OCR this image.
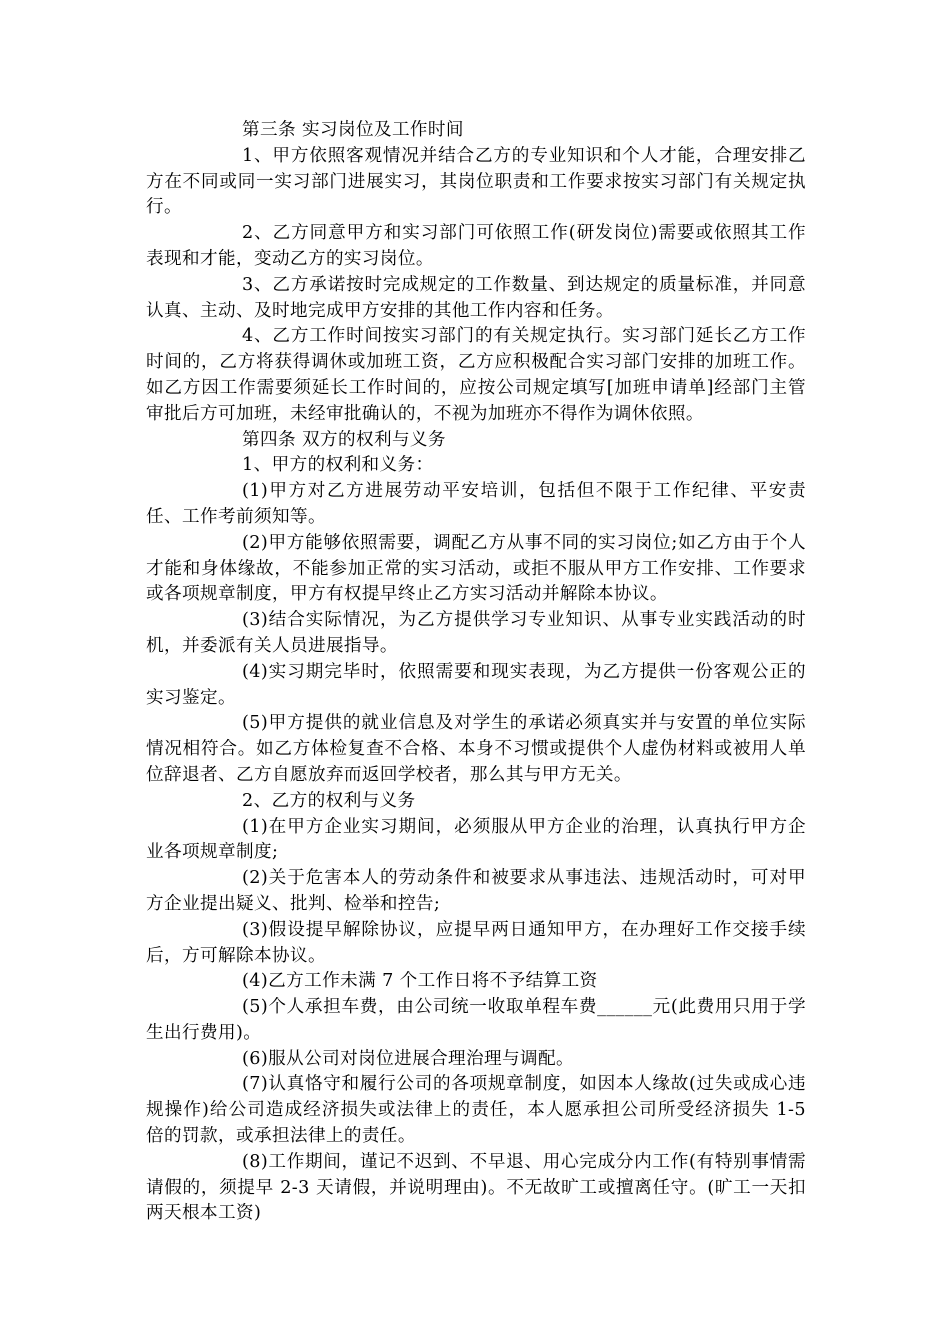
第三条 实习岗位及工作时间

1、甲方依照客观情况并结合乙方的专业知识和个人才能，合理安排乙方在不同或同一实习部门进展实习，其岗位职责和工作要求按实习部门有关规定执行。

2、乙方同意甲方和实习部门可依照工作(研发岗位)需要或依照其工作表现和才能，变动乙方的实习岗位。

3、乙方承诺按时完成规定的工作数量、到达规定的质量标准，并同意认真、主动、及时地完成甲方安排的其他工作内容和任务。

4、乙方工作时间按实习部门的有关规定执行。实习部门延长乙方工作时间的，乙方将获得调休或加班工资，乙方应积极配合实习部门安排的加班工作。如乙方因工作需要须延长工作时间的，应按公司规定填写[加班申请单]经部门主管审批后方可加班，未经审批确认的，不视为加班亦不得作为调休依照。

第四条 双方的权利与义务

1、甲方的权利和义务：

(1)甲方对乙方进展劳动平安培训，包括但不限于工作纪律、平安责任、工作考前须知等。

(2)甲方能够依照需要，调配乙方从事不同的实习岗位;如乙方由于个人才能和身体缘故，不能参加正常的实习活动，或拒不服从甲方工作安排、工作要求或各项规章制度，甲方有权提早终止乙方实习活动并解除本协议。

(3)结合实际情况，为乙方提供学习专业知识、从事专业实践活动的时机，并委派有关人员进展指导。

(4)实习期完毕时，依照需要和现实表现，为乙方提供一份客观公正的实习鉴定。

(5)甲方提供的就业信息及对学生的承诺必须真实并与安置的单位实际情况相符合。如乙方体检复查不合格、本身不习惯或提供个人虚伪材料或被用人单位辞退者、乙方自愿放弃而返回学校者，那么其与甲方无关。

2、乙方的权利与义务

(1)在甲方企业实习期间，必须服从甲方企业的治理，认真执行甲方企业各项规章制度;

(2)关于危害本人的劳动条件和被要求从事违法、违规活动时，可对甲方企业提出疑义、批判、检举和控告;

(3)假设提早解除协议，应提早两日通知甲方，在办理好工作交接手续后，方可解除本协议。

(4)乙方工作未满 7 个工作日将不予结算工资

(5)个人承担车费，由公司统一收取单程车费______元(此费用只用于学生出行费用)。

(6)服从公司对岗位进展合理治理与调配。

(7)认真恪守和履行公司的各项规章制度，如因本人缘故(过失或成心违规操作)给公司造成经济损失或法律上的责任，本人愿承担公司所受经济损失 1-5 倍的罚款，或承担法律上的责任。

(8)工作期间，谨记不迟到、不早退、用心完成分内工作(有特别事情需请假的，须提早 2-3 天请假，并说明理由)。不无故旷工或擅离任守。(旷工一天扣两天根本工资)
